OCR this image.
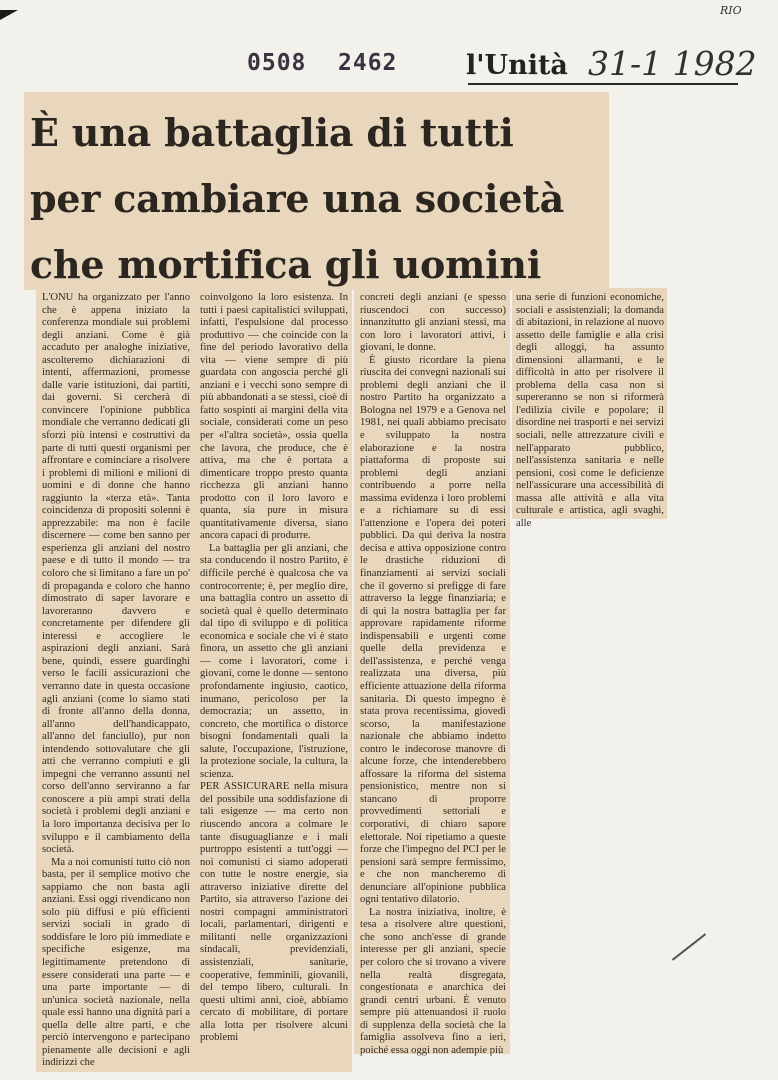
RIO
0508 2462	l'Unità 31-1 1982
È una battaglia di tutti
per cambiare una società
che mortifica gli uomini

L'ONU ha organizzato per l'anno che è appena iniziato la conferenza mondiale sui problemi degli anziani. Come è già accaduto per analoghe iniziative, ascolteremo dichiarazioni di intenti, affermazioni, promesse dalle varie istituzioni, dai partiti, dai governi. Si cercherà di convincere l'opinione pubblica mondiale che verranno dedicati gli sforzi più intensi e costruttivi da parte di tutti questi organismi per affrontare e cominciare a risolvere i problemi di milioni e milioni di uomini e di donne che hanno raggiunto la «terza età». Tanta coincidenza di propositi solenni è apprezzabile: ma non è facile discernere — come ben sanno per esperienza gli anziani del nostro paese e di tutto il mondo — tra coloro che si limitano a fare un po' di propaganda e coloro che hanno dimostrato di saper lavorare e lavoreranno davvero e concretamente per difendere gli interessi e accogliere le aspirazioni degli anziani. Sarà bene, quindi, essere guardinghi verso le facili assicurazioni che verranno date in questa occasione agli anziani (come lo siamo stati di fronte all'anno della donna, all'anno dell'handicappato, all'anno del fanciullo), pur non intendendo sottovalutare che gli atti che verranno compiuti e gli impegni che verranno assunti nel corso dell'anno serviranno a far conoscere a più ampi strati della società i problemi degli anziani e la loro importanza decisiva per lo sviluppo e il cambiamento della società.

Ma a noi comunisti tutto ciò non basta, per il semplice motivo che sappiamo che non basta agli anziani. Essi oggi rivendicano non solo più diffusi e più efficienti servizi sociali in grado di soddisfare le loro più immediate e specifiche esigenze, ma legittimamente pretendono di essere considerati una parte — e una parte importante — di un'unica società nazionale, nella quale essi hanno una dignità pari a quella delle altre parti, e che perciò intervengono e partecipano pienamente alle decisioni e agli indirizzi che

coinvolgono la loro esistenza. In tutti i paesi capitalistici sviluppati, infatti, l'espulsione dal processo produttivo — che coincide con la fine del periodo lavorativo della vita — viene sempre di più guardata con angoscia perché gli anziani e i vecchi sono sempre di più abbandonati a se stessi, cioè di fatto sospinti ai margini della vita sociale, considerati come un peso per «l'altra società», ossia quella che lavora, che produce, che è attiva, ma che è portata a dimenticare troppo presto quanta ricchezza gli anziani hanno prodotto con il loro lavoro e quanta, sia pure in misura quantitativamente diversa, siano ancora capaci di produrre.

La battaglia per gli anziani, che sta conducendo il nostro Partito, è difficile perché è qualcosa che va controcorrente; è, per meglio dire, una battaglia contro un assetto di società qual è quello determinato dal tipo di sviluppo e di politica economica e sociale che vi è stato finora, un assetto che gli anziani — come i lavoratori, come i giovani, come le donne — sentono profondamente ingiusto, caotico, inumano, pericoloso per la democrazia; un assetto, in concreto, che mortifica o distorce bisogni fondamentali quali la salute, l'occupazione, l'istruzione, la protezione sociale, la cultura, la scienza.

PER ASSICURARE nella misura del possibile una soddisfazione di tali esigenze — ma certo non riuscendo ancora a colmare le tante disuguaglianze e i mali purtroppo esistenti a tutt'oggi — noi comunisti ci siamo adoperati con tutte le nostre energie, sia attraverso iniziative dirette del Partito, sia attraverso l'azione dei nostri compagni amministratori locali, parlamentari, dirigenti e militanti nelle organizzazioni sindacali, previdenziali, assistenziali, sanitarie, cooperative, femminili, giovanili, del tempo libero, culturali. In questi ultimi anni, cioè, abbiamo cercato di mobilitare, di portare alla lotta per risolvere alcuni problemi

concreti degli anziani (e spesso riuscendoci con successo) innanzitutto gli anziani stessi, ma con loro i lavoratori attivi, i giovani, le donne.

È giusto ricordare la piena riuscita dei convegni nazionali sui problemi degli anziani che il nostro Partito ha organizzato a Bologna nel 1979 e a Genova nel 1981, nei quali abbiamo precisato e sviluppato la nostra elaborazione e la nostra piattaforma di proposte sui problemi degli anziani contribuendo a porre nella massima evidenza i loro problemi e a richiamare su di essi l'attenzione e l'opera dei poteri pubblici. Da qui deriva la nostra decisa e attiva opposizione contro le drastiche riduzioni di finanziamenti ai servizi sociali che il governo si prefigge di fare attraverso la legge finanziaria; e di qui la nostra battaglia per far approvare rapidamente riforme indispensabili e urgenti come quelle della previdenza e dell'assistenza, e perché venga realizzata una diversa, più efficiente attuazione della riforma sanitaria. Di questo impegno è stata prova recentissima, giovedì scorso, la manifestazione nazionale che abbiamo indetto contro le indecorose manovre di alcune forze, che intenderebbero affossare la riforma del sistema pensionistico, mentre non si stancano di proporre provvedimenti settoriali e corporativi, di chiaro sapore elettorale. Noi ripetiamo a queste forze che l'impegno del PCI per le pensioni sarà sempre fermissimo, e che non mancheremo di denunciare all'opinione pubblica ogni tentativo dilatorio.

La nostra iniziativa, inoltre, è tesa a risolvere altre questioni, che sono anch'esse di grande interesse per gli anziani, specie per coloro che si trovano a vivere nella realtà disgregata, congestionata e anarchica dei grandi centri urbani. È venuto sempre più attenuandosi il ruolo di supplenza della società che la famiglia assolveva fino a ieri, poiché essa oggi non adempie più

una serie di funzioni economiche, sociali e assistenziali; la domanda di abitazioni, in relazione al nuovo assetto delle famiglie e alla crisi degli alloggi, ha assunto dimensioni allarmanti, e le difficoltà in atto per risolvere il problema della casa non si supereranno se non si riformerà l'edilizia civile e popolare; il disordine nei trasporti e nei servizi sociali, nelle attrezzature civili e nell'apparato pubblico, nell'assistenza sanitaria e nelle pensioni, così come le deficienze nell'assicurare una accessibilità di massa alle attività e alla vita culturale e artistica, agli svaghi, alle
